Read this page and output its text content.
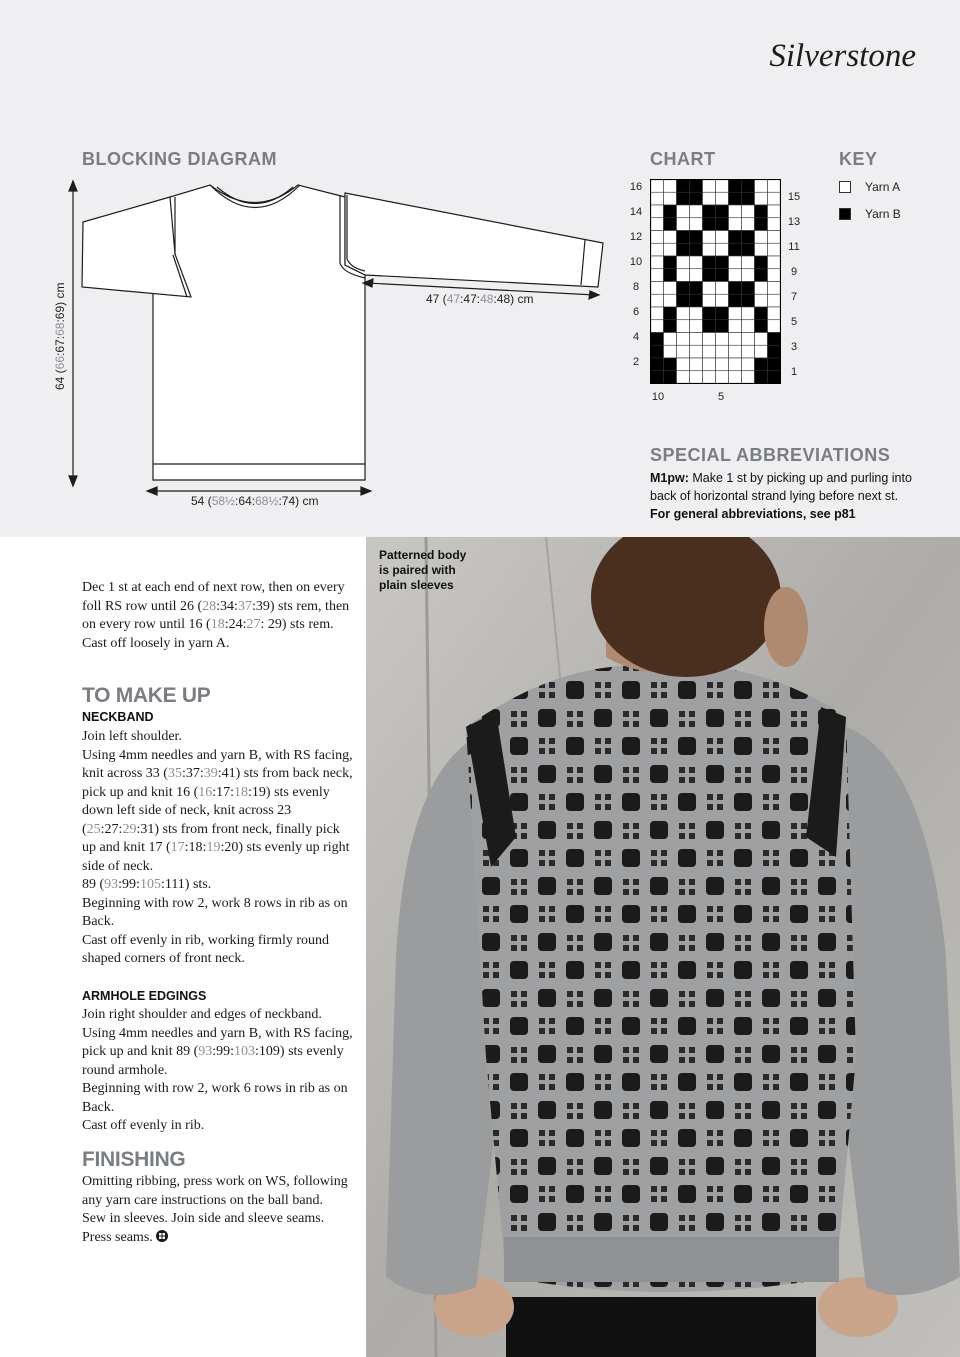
Silverstone
BLOCKING DIAGRAM
64 (66:67:68:69) cm	47 (47:47:48:48) cm
54 (58½:64:68½:74) cm
CHART
16
14
12
10
8
6
4
2
15
13
11
9
7
5
3
1
10	5
KEY
Yarn A
Yarn B
SPECIAL ABBREVIATIONS
M1pw: Make 1 st by picking up and purling into back of horizontal strand lying before next st.
For general abbreviations, see p81

Dec 1 st at each end of next row, then on every foll RS row until 26 (28:34:37:39) sts rem, then on every row until 16 (18:24:27: 29) sts rem.

Cast off loosely in yarn A.

TO MAKE UP
NECKBAND

Join left shoulder.

Using 4mm needles and yarn B, with RS facing, knit across 33 (35:37:39:41) sts from back neck, pick up and knit 16 (16:17:18:19) sts evenly down left side of neck, knit across 23 (25:27:29:31) sts from front neck, finally pick up and knit 17 (17:18:19:20) sts evenly up right side of neck.

89 (93:99:105:111) sts.

Beginning with row 2, work 8 rows in rib as on Back.

Cast off evenly in rib, working firmly round shaped corners of front neck.

ARMHOLE EDGINGS

Join right shoulder and edges of neckband.

Using 4mm needles and yarn B, with RS facing, pick up and knit 89 (93:99:103:109) sts evenly round armhole.

Beginning with row 2, work 6 rows in rib as on Back.

Cast off evenly in rib.

FINISHING

Omitting ribbing, press work on WS, following any yarn care instructions on the ball band.

Sew in sleeves. Join side and sleeve seams. Press seams.

Patterned body
is paired with
plain sleeves
